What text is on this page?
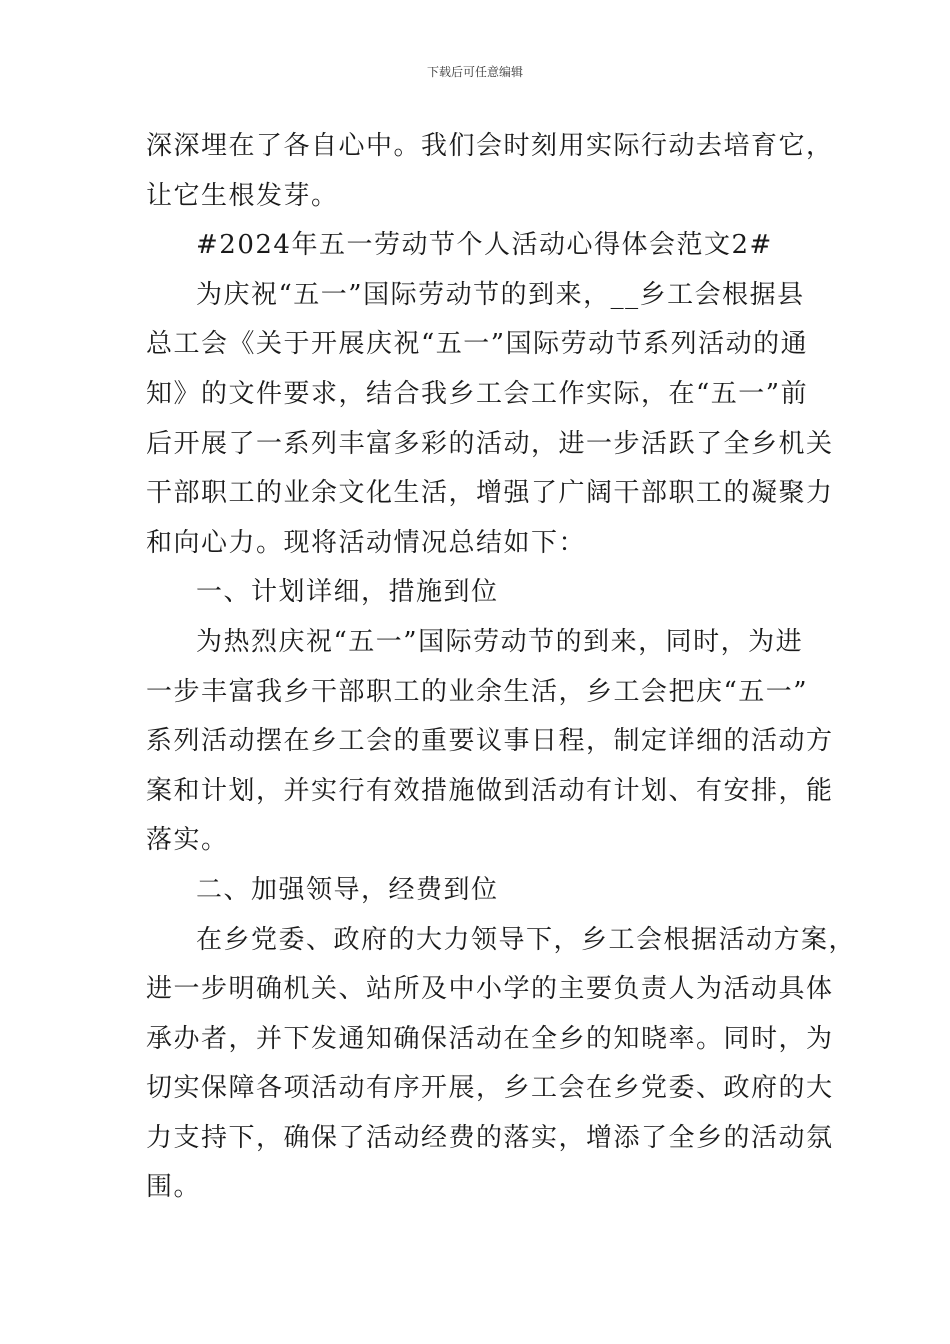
下载后可任意编辑
深深埋在了各自心中。我们会时刻用实际行动去培育它，
让它生根发芽。
#2024年五一劳动节个人活动心得体会范文2#
为庆祝“五一”国际劳动节的到来，__乡工会根据县
总工会《关于开展庆祝“五一”国际劳动节系列活动的通
知》的文件要求，结合我乡工会工作实际，在“五一”前
后开展了一系列丰富多彩的活动，进一步活跃了全乡机关
干部职工的业余文化生活，增强了广阔干部职工的凝聚力
和向心力。现将活动情况总结如下：
一、计划详细，措施到位
为热烈庆祝“五一”国际劳动节的到来，同时，为进
一步丰富我乡干部职工的业余生活，乡工会把庆“五一”
系列活动摆在乡工会的重要议事日程，制定详细的活动方
案和计划，并实行有效措施做到活动有计划、有安排，能
落实。
二、加强领导，经费到位
在乡党委、政府的大力领导下，乡工会根据活动方案，
进一步明确机关、站所及中小学的主要负责人为活动具体
承办者，并下发通知确保活动在全乡的知晓率。同时，为
切实保障各项活动有序开展，乡工会在乡党委、政府的大
力支持下，确保了活动经费的落实，增添了全乡的活动氛
围。
